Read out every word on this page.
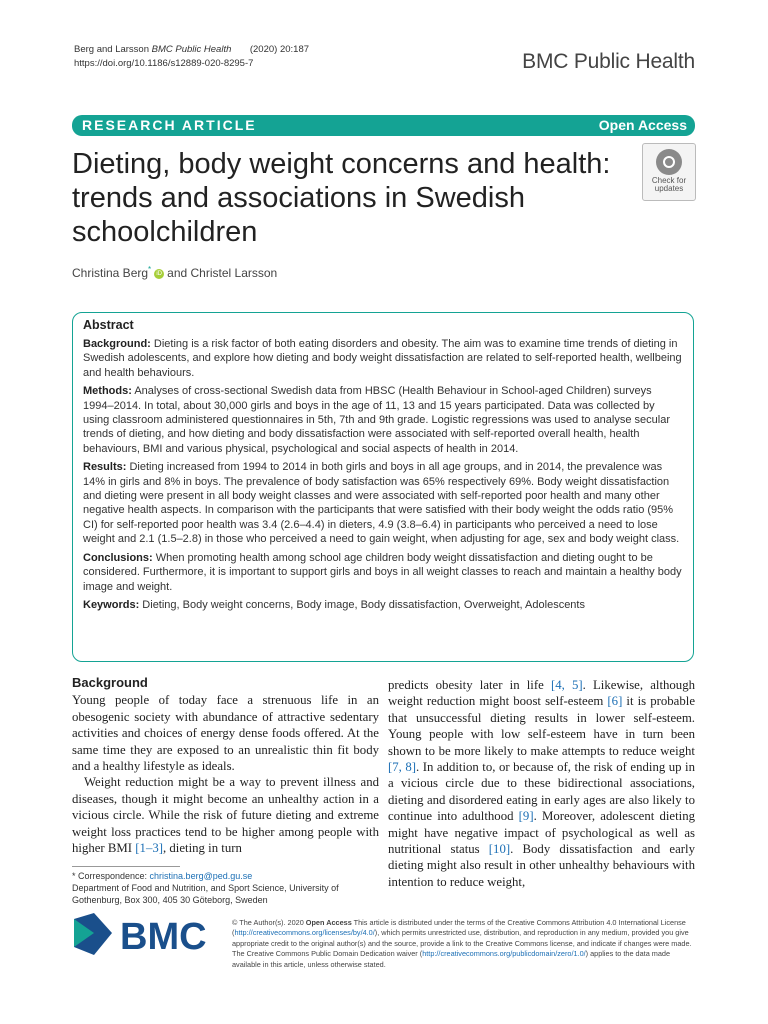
Berg and Larsson BMC Public Health (2020) 20:187
https://doi.org/10.1186/s12889-020-8295-7	BMC Public Health
RESEARCH ARTICLE	Open Access
Dieting, body weight concerns and health: trends and associations in Swedish schoolchildren
Check for
updates
Christina Berg* iD and Christel Larsson
Abstract

Background: Dieting is a risk factor of both eating disorders and obesity. The aim was to examine time trends of dieting in Swedish adolescents, and explore how dieting and body weight dissatisfaction are related to self-reported health, wellbeing and health behaviours.

Methods: Analyses of cross-sectional Swedish data from HBSC (Health Behaviour in School-aged Children) surveys 1994–2014. In total, about 30,000 girls and boys in the age of 11, 13 and 15 years participated. Data was collected by using classroom administered questionnaires in 5th, 7th and 9th grade. Logistic regressions was used to analyse secular trends of dieting, and how dieting and body dissatisfaction were associated with self-reported overall health, health behaviours, BMI and various physical, psychological and social aspects of health in 2014.

Results: Dieting increased from 1994 to 2014 in both girls and boys in all age groups, and in 2014, the prevalence was 14% in girls and 8% in boys. The prevalence of body satisfaction was 65% respectively 69%. Body weight dissatisfaction and dieting were present in all body weight classes and were associated with self-reported poor health and many other negative health aspects. In comparison with the participants that were satisfied with their body weight the odds ratio (95% CI) for self-reported poor health was 3.4 (2.6–4.4) in dieters, 4.9 (3.8–6.4) in participants who perceived a need to lose weight and 2.1 (1.5–2.8) in those who perceived a need to gain weight, when adjusting for age, sex and body weight class.

Conclusions: When promoting health among school age children body weight dissatisfaction and dieting ought to be considered. Furthermore, it is important to support girls and boys in all weight classes to reach and maintain a healthy body image and weight.

Keywords: Dieting, Body weight concerns, Body image, Body dissatisfaction, Overweight, Adolescents

Background

Young people of today face a strenuous life in an obesogenic society with abundance of attractive sedentary activities and choices of energy dense foods offered. At the same time they are exposed to an unrealistic thin fit body and a healthy lifestyle as ideals.

Weight reduction might be a way to prevent illness and diseases, though it might become an unhealthy action in a vicious circle. While the risk of future dieting and extreme weight loss practices tend to be higher among people with higher BMI [1–3], dieting in turn

predicts obesity later in life [4, 5]. Likewise, although weight reduction might boost self-esteem [6] it is probable that unsuccessful dieting results in lower self-esteem. Young people with low self-esteem have in turn been shown to be more likely to make attempts to reduce weight [7, 8]. In addition to, or because of, the risk of ending up in a vicious circle due to these bidirectional associations, dieting and disordered eating in early ages are also likely to continue into adulthood [9]. Moreover, adolescent dieting might have negative impact of psychological as well as nutritional status [10]. Body dissatisfaction and early dieting might also result in other unhealthy behaviours with intention to reduce weight,

* Correspondence: christina.berg@ped.gu.se
Department of Food and Nutrition, and Sport Science, University of Gothenburg, Box 300, 405 30 Göteborg, Sweden
BMC	© The Author(s). 2020 Open Access This article is distributed under the terms of the Creative Commons Attribution 4.0 International License (http://creativecommons.org/licenses/by/4.0/), which permits unrestricted use, distribution, and reproduction in any medium, provided you give appropriate credit to the original author(s) and the source, provide a link to the Creative Commons license, and indicate if changes were made. The Creative Commons Public Domain Dedication waiver (http://creativecommons.org/publicdomain/zero/1.0/) applies to the data made available in this article, unless otherwise stated.
